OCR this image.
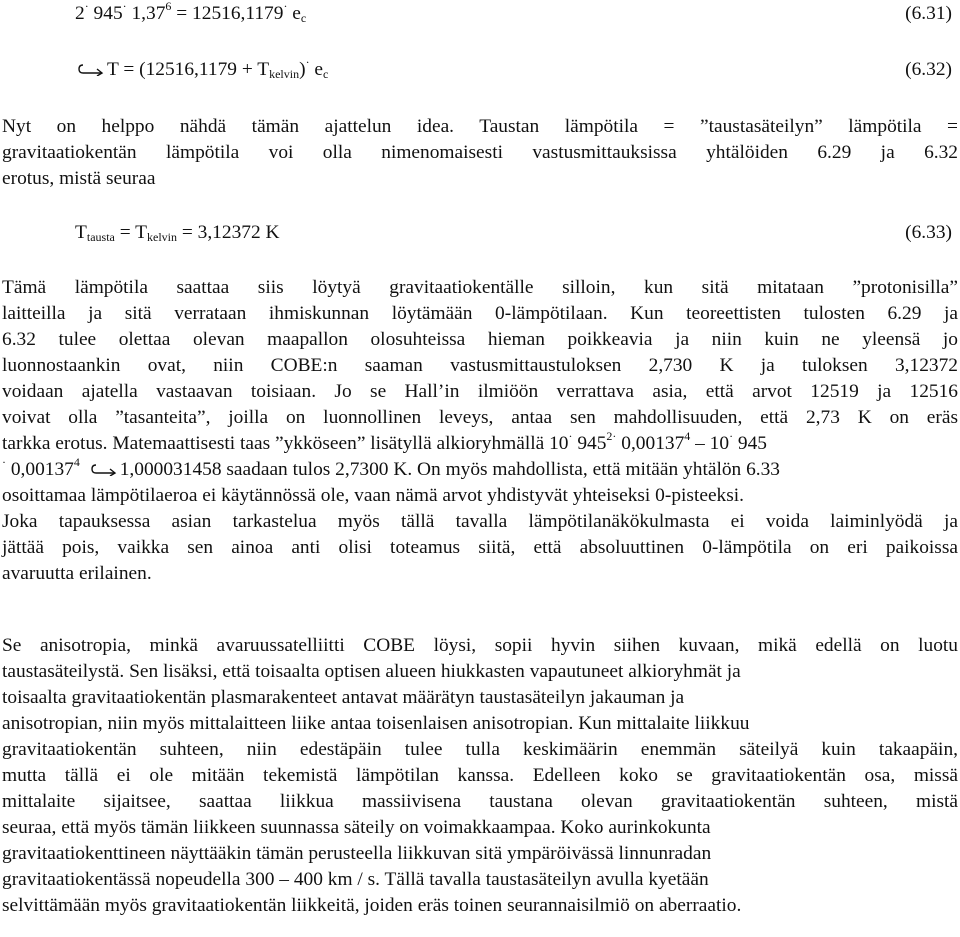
2· 945· $1,37^6 = 12516,1179^\cdot$ $e_c$	(6.31)
$T = (12516,1179 + T_{kelvin})^\cdot$ $e_c$	(6.32)
Nyt on helppo nähdä tämän ajattelun idea. Taustan lämpötila = ”taustasäteilyn” lämpötila =
gravitaatiokentän lämpötila voi olla nimenomaisesti vastusmittauksissa yhtälöiden 6.29 ja 6.32
erotus, mistä seuraa
$T_{tausta} = T_{kelvin} = 3,12372$ K	(6.33)
Tämä lämpötila saattaa siis löytyä gravitaatiokentälle silloin, kun sitä mitataan ”protonisilla”
laitteilla ja sitä verrataan ihmiskunnan löytämään 0-lämpötilaan. Kun teoreettisten tulosten 6.29 ja
6.32 tulee olettaa olevan maapallon olosuhteissa hieman poikkeavia ja niin kuin ne yleensä jo
luonnostaankin ovat, niin COBE:n saaman vastusmittaustuloksen 2,730 K ja tuloksen 3,12372
voidaan ajatella vastaavan toisiaan. Jo se Hall’in ilmiöön verrattava asia, että arvot 12519 ja 12516
voivat olla ”tasanteita”, joilla on luonnollinen leveys, antaa sen mahdollisuuden, että 2,73 K on eräs
tarkka erotus. Matemaattisesti taas ”ykköseen” lisätyllä alkioryhmällä 10· $945^{2\cdot}$ 0,00137$^4$ – 10· 945
· 0,00137$^4$ 1,000031458 saadaan tulos 2,7300 K. On myös mahdollista, että mitään yhtälön 6.33
osoittamaa lämpötilaeroa ei käytännössä ole, vaan nämä arvot yhdistyvät yhteiseksi 0-pisteeksi.
Joka tapauksessa asian tarkastelua myös tällä tavalla lämpötilanäkökulmasta ei voida laiminlyödä ja
jättää pois, vaikka sen ainoa anti olisi toteamus siitä, että absoluuttinen 0-lämpötila on eri paikoissa
avaruutta erilainen.
Se anisotropia, minkä avaruussatelliitti COBE löysi, sopii hyvin siihen kuvaan, mikä edellä on luotu
taustasäteilystä. Sen lisäksi, että toisaalta optisen alueen hiukkasten vapautuneet alkioryhmät ja
toisaalta gravitaatiokentän plasmarakenteet antavat määrätyn taustasäteilyn jakauman ja
anisotropian, niin myös mittalaitteen liike antaa toisenlaisen anisotropian. Kun mittalaite liikkuu
gravitaatiokentän suhteen, niin edestäpäin tulee tulla keskimäärin enemmän säteilyä kuin takaapäin,
mutta tällä ei ole mitään tekemistä lämpötilan kanssa. Edelleen koko se gravitaatiokentän osa, missä
mittalaite sijaitsee, saattaa liikkua massiivisena taustana olevan gravitaatiokentän suhteen, mistä
seuraa, että myös tämän liikkeen suunnassa säteily on voimakkaampaa. Koko aurinkokunta
gravitaatiokenttineen näyttääkin tämän perusteella liikkuvan sitä ympäröivässä linnunradan
gravitaatiokentässä nopeudella 300 – 400 km / s. Tällä tavalla taustasäteilyn avulla kyetään
selvittämään myös gravitaatiokentän liikkeitä, joiden eräs toinen seurannaisilmiö on aberraatio.
